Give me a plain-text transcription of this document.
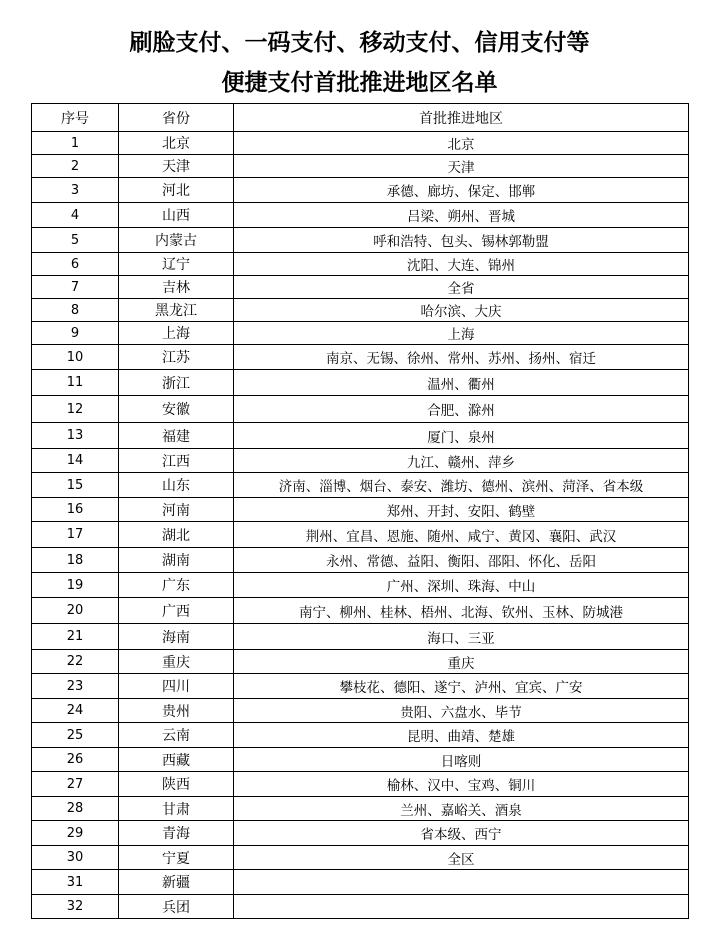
刷脸支付、一码支付、移动支付、信用支付等
便捷支付首批推进地区名单
序号	省份	首批推进地区
1	北京	北京
2	天津	天津
3	河北	承德、廊坊、保定、邯郸
4	山西	吕梁、朔州、晋城
5	内蒙古	呼和浩特、包头、锡林郭勒盟
6	辽宁	沈阳、大连、锦州
7	吉林	全省
8	黑龙江	哈尔滨、大庆
9	上海	上海
10	江苏	南京、无锡、徐州、常州、苏州、扬州、宿迁
11	浙江	温州、衢州
12	安徽	合肥、滁州
13	福建	厦门、泉州
14	江西	九江、赣州、萍乡
15	山东	济南、淄博、烟台、泰安、潍坊、德州、滨州、菏泽、省本级
16	河南	郑州、开封、安阳、鹤壁
17	湖北	荆州、宜昌、恩施、随州、咸宁、黄冈、襄阳、武汉
18	湖南	永州、常德、益阳、衡阳、邵阳、怀化、岳阳
19	广东	广州、深圳、珠海、中山
20	广西	南宁、柳州、桂林、梧州、北海、钦州、玉林、防城港
21	海南	海口、三亚
22	重庆	重庆
23	四川	攀枝花、德阳、遂宁、泸州、宜宾、广安
24	贵州	贵阳、六盘水、毕节
25	云南	昆明、曲靖、楚雄
26	西藏	日喀则
27	陕西	榆林、汉中、宝鸡、铜川
28	甘肃	兰州、嘉峪关、酒泉
29	青海	省本级、西宁
30	宁夏	全区
31	新疆	
32	兵团	
